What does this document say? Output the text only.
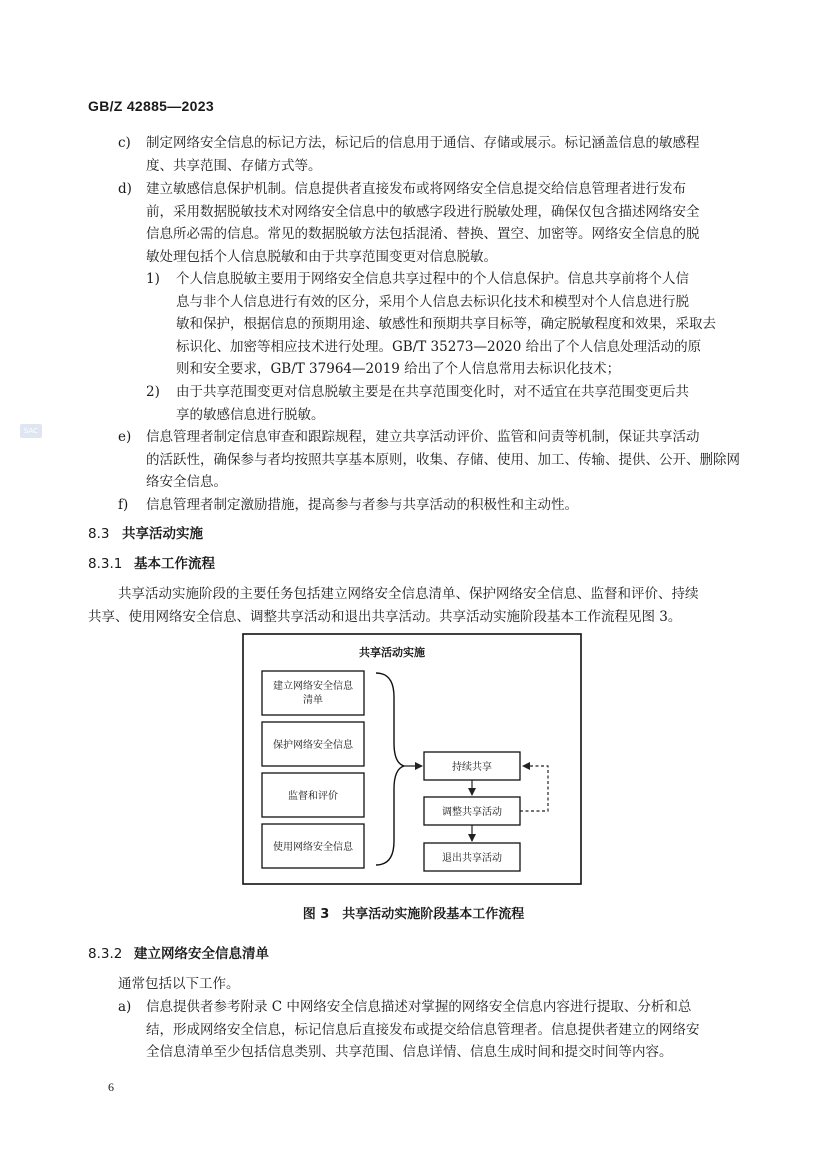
GB/Z 42885—2023
SAC
c) 制定网络安全信息的标记方法，标记后的信息用于通信、存储或展示。标记涵盖信息的敏感程
度、共享范围、存储方式等。
d) 建立敏感信息保护机制。信息提供者直接发布或将网络安全信息提交给信息管理者进行发布
前，采用数据脱敏技术对网络安全信息中的敏感字段进行脱敏处理，确保仅包含描述网络安全
信息所必需的信息。常见的数据脱敏方法包括混淆、替换、置空、加密等。网络安全信息的脱
敏处理包括个人信息脱敏和由于共享范围变更对信息脱敏。
1) 个人信息脱敏主要用于网络安全信息共享过程中的个人信息保护。信息共享前将个人信
息与非个人信息进行有效的区分，采用个人信息去标识化技术和模型对个人信息进行脱
敏和保护，根据信息的预期用途、敏感性和预期共享目标等，确定脱敏程度和效果，采取去
标识化、加密等相应技术进行处理。GB/T 35273—2020 给出了个人信息处理活动的原
则和安全要求，GB/T 37964—2019 给出了个人信息常用去标识化技术；
2) 由于共享范围变更对信息脱敏主要是在共享范围变化时，对不适宜在共享范围变更后共
享的敏感信息进行脱敏。
e) 信息管理者制定信息审查和跟踪规程，建立共享活动评价、监管和问责等机制，保证共享活动
的活跃性，确保参与者均按照共享基本原则，收集、存储、使用、加工、传输、提供、公开、删除网
络安全信息。
f) 信息管理者制定激励措施，提高参与者参与共享活动的积极性和主动性。
8.3 共享活动实施
8.3.1 基本工作流程
共享活动实施阶段的主要任务包括建立网络安全信息清单、保护网络安全信息、监督和评价、持续
共享、使用网络安全信息、调整共享活动和退出共享活动。共享活动实施阶段基本工作流程见图 3。
共享活动实施
建立网络安全信息
清单
保护网络安全信息
监督和评价
使用网络安全信息
持续共享
调整共享活动
退出共享活动
图 3　共享活动实施阶段基本工作流程
8.3.2 建立网络安全信息清单
通常包括以下工作。
a) 信息提供者参考附录 C 中网络安全信息描述对掌握的网络安全信息内容进行提取、分析和总
结，形成网络安全信息，标记信息后直接发布或提交给信息管理者。信息提供者建立的网络安
全信息清单至少包括信息类别、共享范围、信息详情、信息生成时间和提交时间等内容。
6
